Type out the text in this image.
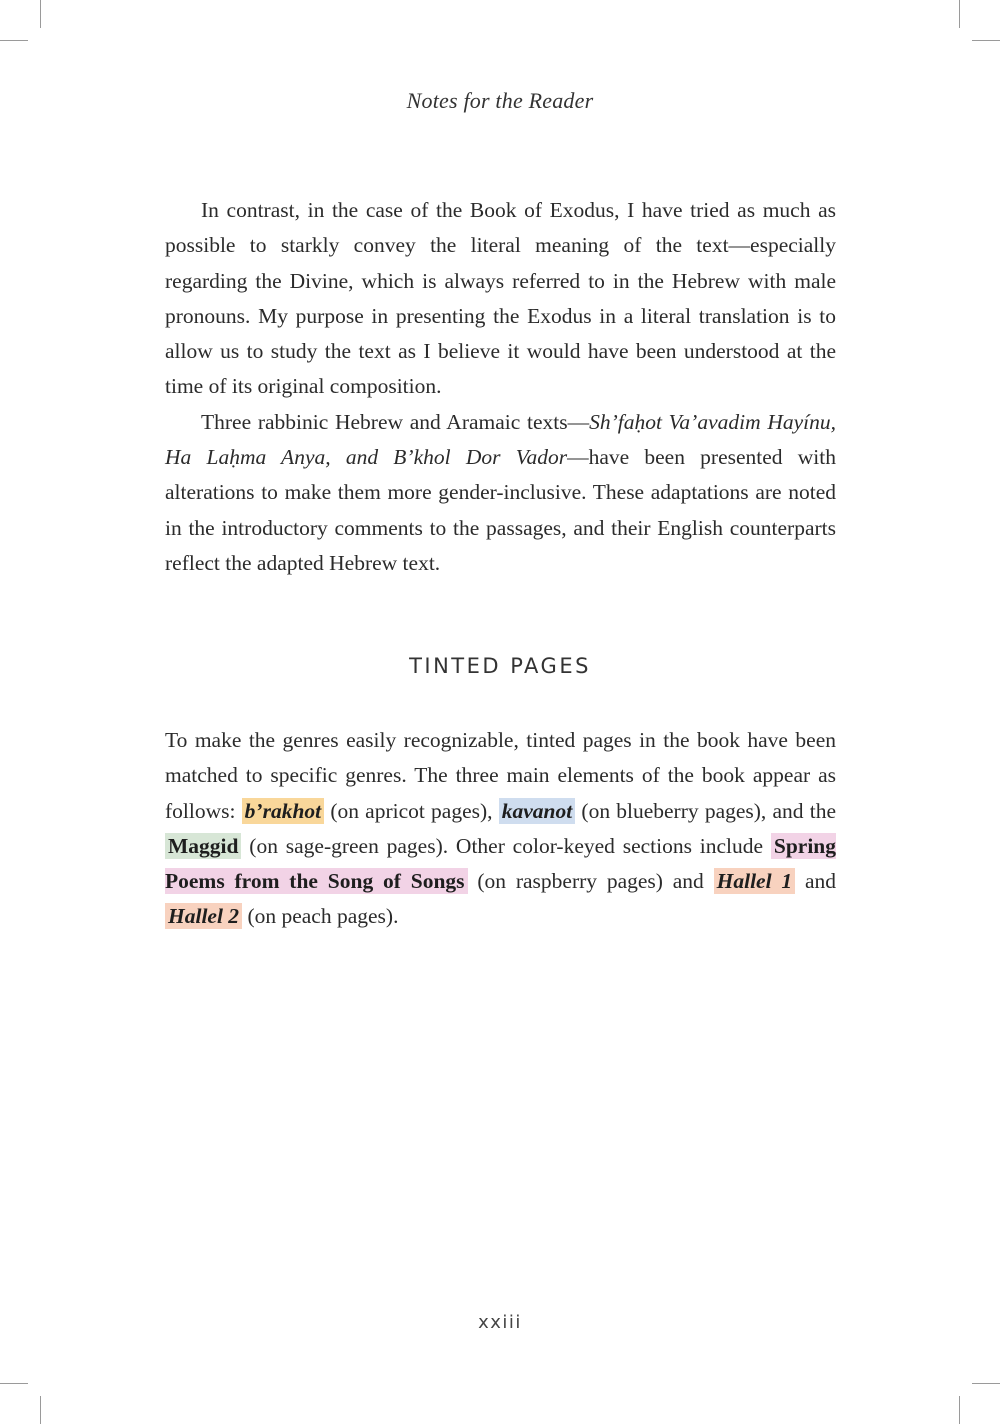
Notes for the Reader

In contrast, in the case of the Book of Exodus, I have tried as much as possible to starkly convey the literal meaning of the text—especially regarding the Divine, which is always referred to in the Hebrew with male pronouns. My purpose in presenting the Exodus in a literal translation is to allow us to study the text as I believe it would have been understood at the time of its original composition.

Three rabbinic Hebrew and Aramaic texts—Sh’faḥot Va’avadim Hayínu, Ha Laḥma Anya, and B’khol Dor Vador—have been presented with alterations to make them more gender-inclusive. These adaptations are noted in the introductory comments to the passages, and their English counterparts reflect the adapted Hebrew text.

TINTED PAGES

To make the genres easily recognizable, tinted pages in the book have been matched to specific genres. The three main elements of the book appear as follows: b’rakhot (on apricot pages), kavanot (on blueberry pages), and the Maggid (on sage-green pages). Other color-keyed sections include Spring Poems from the Song of Songs (on raspberry pages) and Hallel 1 and Hallel 2 (on peach pages).

xxiii
